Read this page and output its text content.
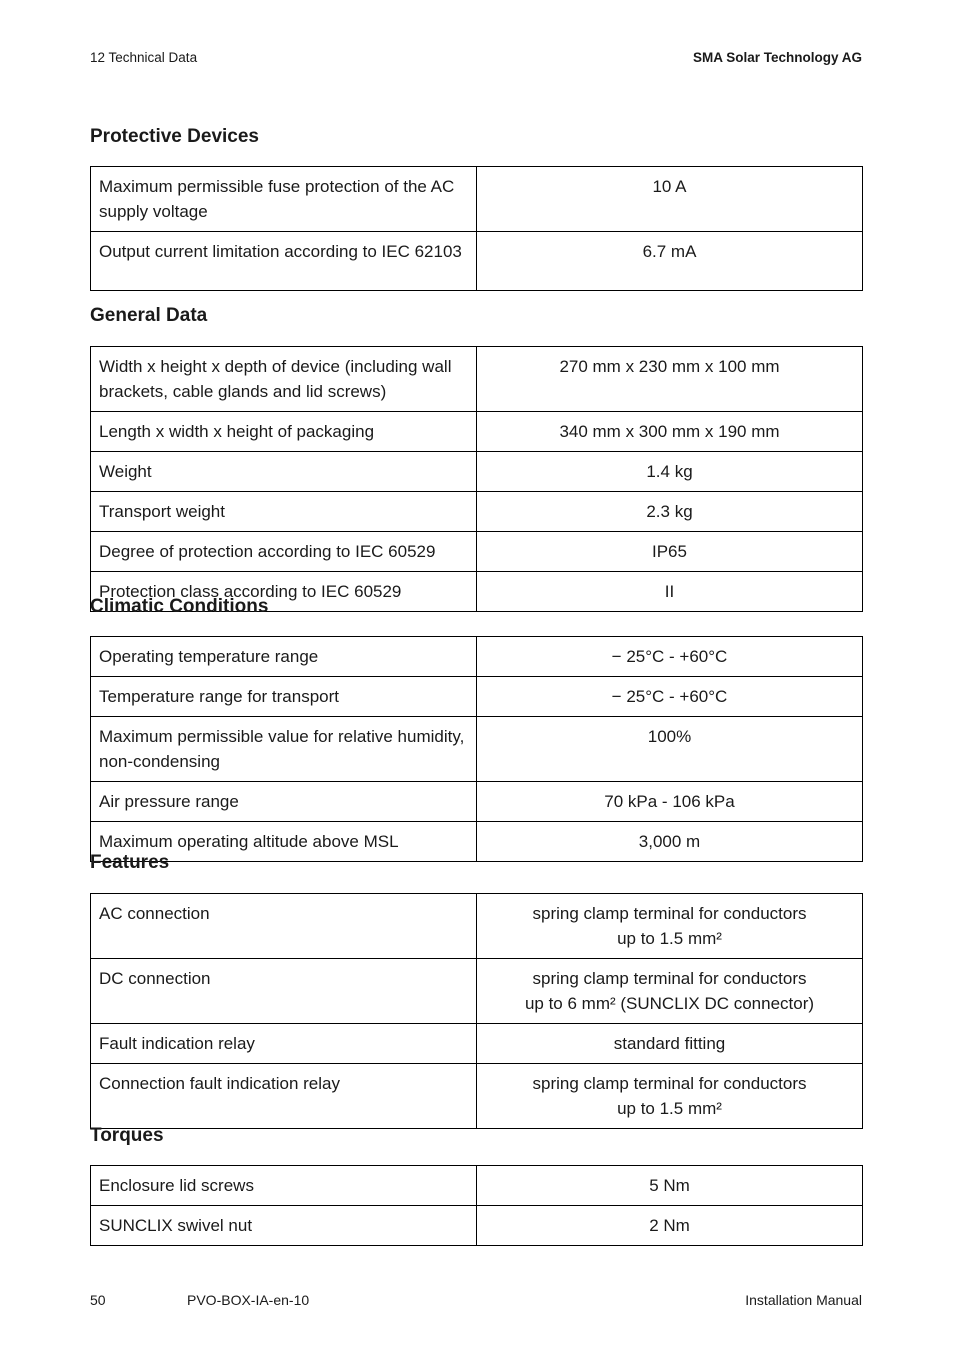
12 Technical Data	SMA Solar Technology AG
Protective Devices
Maximum permissible fuse protection of the AC supply voltage	10 A
Output current limitation according to IEC 62103	6.7 mA
General Data
Width x height x depth of device (including wall brackets, cable glands and lid screws)	270 mm x 230 mm x 100 mm
Length x width x height of packaging	340 mm x 300 mm x 190 mm
Weight	1.4 kg
Transport weight	2.3 kg
Degree of protection according to IEC 60529	IP65
Protection class according to IEC 60529	II
Climatic Conditions
Operating temperature range	− 25°C - +60°C
Temperature range for transport	− 25°C - +60°C
Maximum permissible value for relative humidity, non-condensing	100%
Air pressure range	70 kPa - 106 kPa
Maximum operating altitude above MSL	3,000 m
Features
AC connection	spring clamp terminal for conductors
up to 1.5 mm²

DC connection	spring clamp terminal for conductors
up to 6 mm² (SUNCLIX DC connector)

Fault indication relay	standard fitting
Connection fault indication relay	spring clamp terminal for conductors
up to 1.5 mm²
Torques
Enclosure lid screws	5 Nm
SUNCLIX swivel nut	2 Nm
50	PVO-BOX-IA-en-10	Installation Manual
